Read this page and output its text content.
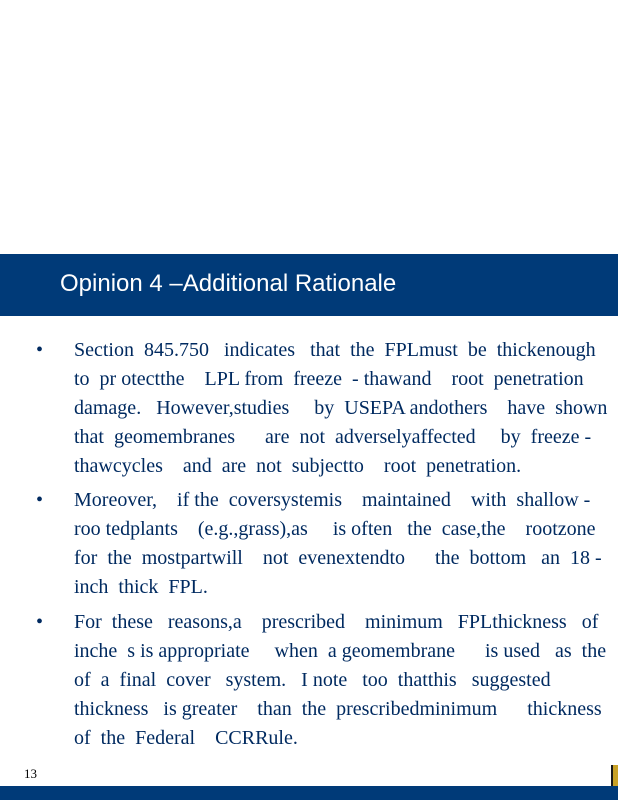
Opinion 4 –Additional Rationale
• Section  845.750   indicates   that  the  FPLmust  be  thickenough
to  pr otectthe    LPL from  freeze  - thawand    root  penetration
damage.   However,studies     by  USEPA andothers    have  shown
that  geomembranes      are  not  adverselyaffected     by  freeze -
thawcycles    and  are  not  subjectto    root  penetration.
• Moreover,    if the  coversystemis    maintained    with  shallow -
roo tedplants    (e.g.,grass),as     is often   the  case,the    rootzone
for  the  mostpartwill    not  evenextendto      the  bottom   an  18 -
inch  thick  FPL.
• For  these   reasons,a    prescribed    minimum   FPLthickness   of
inche  s is appropriate     when  a geomembrane      is used   as  the
of  a  final  cover   system.   I note   too  thatthis   suggested
thickness   is greater    than  the  prescribedminimum      thickness
of  the  Federal    CCRRule.
13
